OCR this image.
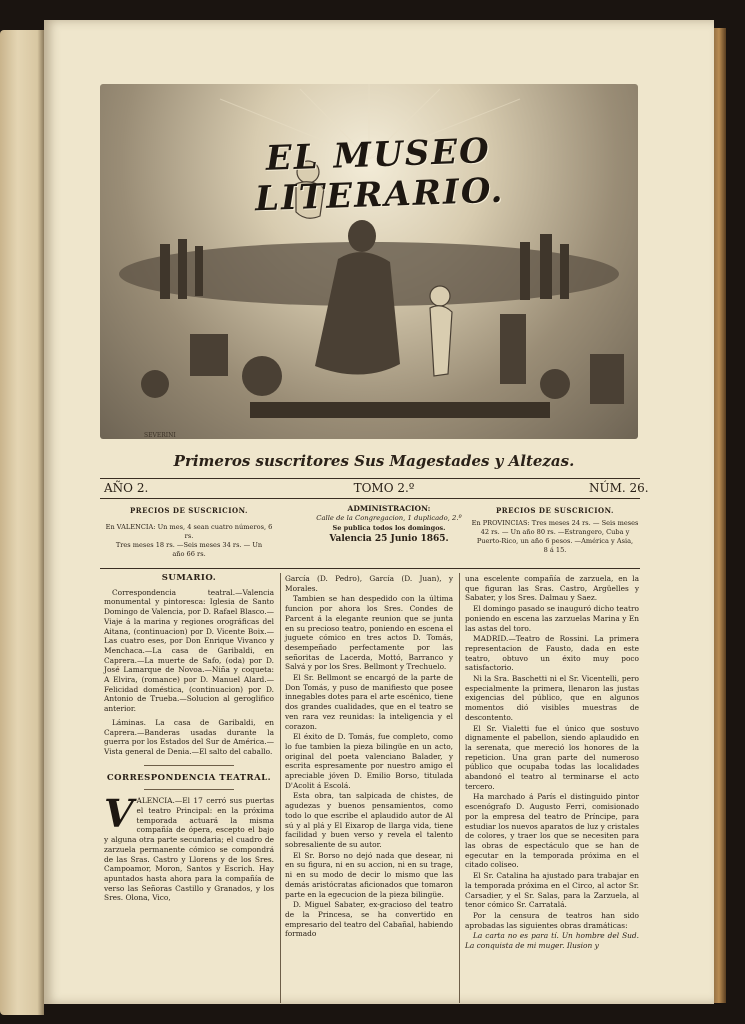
EL MUSEO LITERARIO.
SEVERINI
Primeros suscritores Sus Magestades y Altezas.
AÑO 2.	TOMO 2.º	NÚM. 26.
PRECIOS DE SUSCRICION.
En VALENCIA: Un mes, 4 sean cuatro números, 6 rs.
Tres meses 18 rs. —Seis meses 34 rs. — Un
año 66 rs.
ADMINISTRACION:
Calle de la Congregacion, 1 duplicado, 2.º
Se publica todos los domingos.
Valencia 25 Junio 1865.
PRECIOS DE SUSCRICION.
En PROVINCIAS: Tres meses 24 rs. — Seis meses
42 rs. — Un año 80 rs. —Estrangero, Cuba y
Puerto-Rico, un año 6 pesos. —América y Asia,
8 á 15.
SUMARIO.

Correspondencia teatral.—Valencia monumental y pintoresca: Iglesia de Santo Domingo de Valencia, por D. Rafael Blasco.—Viaje á la marina y regiones orográficas del Aitana, (continuacion) por D. Vicente Boix.—Las cuatro eses, por Don Enrique Vivanco y Menchaca.—La casa de Garibaldi, en Caprera.—La muerte de Safo, (oda) por D. José Lamarque de Novoa.—Niña y coqueta: A Elvira, (romance) por D. Manuel Alard.—Felicidad doméstica, (continuacion) por D. Antonio de Trueba.—Solucion al geroglifico anterior.

Láminas. La casa de Garibaldi, en Caprera.—Banderas usadas durante la guerra por los Estados del Sur de América.—Vista general de Denia.—El salto del caballo.

CORRESPONDENCIA TEATRAL.
V ALENCIA.—El 17 cerró sus puertas el teatro Principal: en la próxima temporada actuará la misma compañía de ópera, escepto el bajo y alguna otra parte secundaria; el cuadro de zarzuela permanente cómico se compondrá de las Sras. Castro y Llorens y de los Sres. Campoamor, Moron, Santos y Escrich. Hay apuntados hasta ahora para la compañía de verso las Señoras Castillo y Granados, y los Sres. Olona, Vico,

García (D. Pedro), García (D. Juan), y Morales.

Tambien se han despedido con la última funcion por ahora los Sres. Condes de Parcent á la elegante reunion que se junta en su precioso teatro, poniendo en escena el juguete cómico en tres actos D. Tomás, desempeñado perfectamente por las señoritas de Lacerda, Mottó, Barranco y Salvá y por los Sres. Bellmont y Trechuelo.

El Sr. Bellmont se encargó de la parte de Don Tomás, y puso de manifiesto que posee innegables dotes para el arte escénico, tiene dos grandes cualidades, que en el teatro se ven rara vez reunidas: la inteligencia y el corazon.

El éxito de D. Tomás, fue completo, como lo fue tambien la pieza bilingüe en un acto, original del poeta valenciano Balader, y escrita espresamente por nuestro amigo el apreciable jóven D. Emilio Borso, titulada D'Acolit á Escolá.

Esta obra, tan salpicada de chistes, de agudezas y buenos pensamientos, como todo lo que escribe el aplaudido autor de Al sú y al plá y El Eixarop de llarga vida, tiene facilidad y buen verso y revela el talento sobresaliente de su autor.

El Sr. Borso no dejó nada que desear, ni en su figura, ni en su accion, ni en su trage, ni en su modo de decir lo mismo que las demás aristócratas aficionados que tomaron parte en la egecucion de la pieza bilingüe.

D. Miguel Sabater, ex-gracioso del teatro de la Princesa, se ha convertido en empresario del teatro del Cabañal, habiendo formado

una escelente compañía de zarzuela, en la que figuran las Sras. Castro, Argüelles y Sabater, y los Sres. Dalmau y Saez.

El domingo pasado se inauguró dicho teatro poniendo en escena las zarzuelas Marina y En las astas del toro.

MADRID.—Teatro de Rossini. La primera representacion de Fausto, dada en este teatro, obtuvo un éxito muy poco satisfactorio.

Ni la Sra. Baschetti ni el Sr. Vicentelli, pero especialmente la primera, llenaron las justas exigencias del público, que en algunos momentos dió visibles muestras de descontento.

El Sr. Vialetti fue el único que sostuvo dignamente el pabellon, siendo aplaudido en la serenata, que mereció los honores de la repeticion. Una gran parte del numeroso público que ocupaba todas las localidades abandonó el teatro al terminarse el acto tercero.

Ha marchado á París el distinguido pintor escenógrafo D. Augusto Ferri, comisionado por la empresa del teatro de Príncipe, para estudiar los nuevos aparatos de luz y cristales de colores, y traer los que se necesiten para las obras de espectáculo que se han de egecutar en la temporada próxima en el citado coliseo.

El Sr. Catalina ha ajustado para trabajar en la temporada próxima en el Circo, al actor Sr. Carsadier, y el Sr. Salas, para la Zarzuela, al tenor cómico Sr. Carratalá.

Por la censura de teatros han sido aprobadas las siguientes obras dramáticas:

La carta no es para tí. Un hombre del Sud. La conquista de mi muger. Ilusion y
